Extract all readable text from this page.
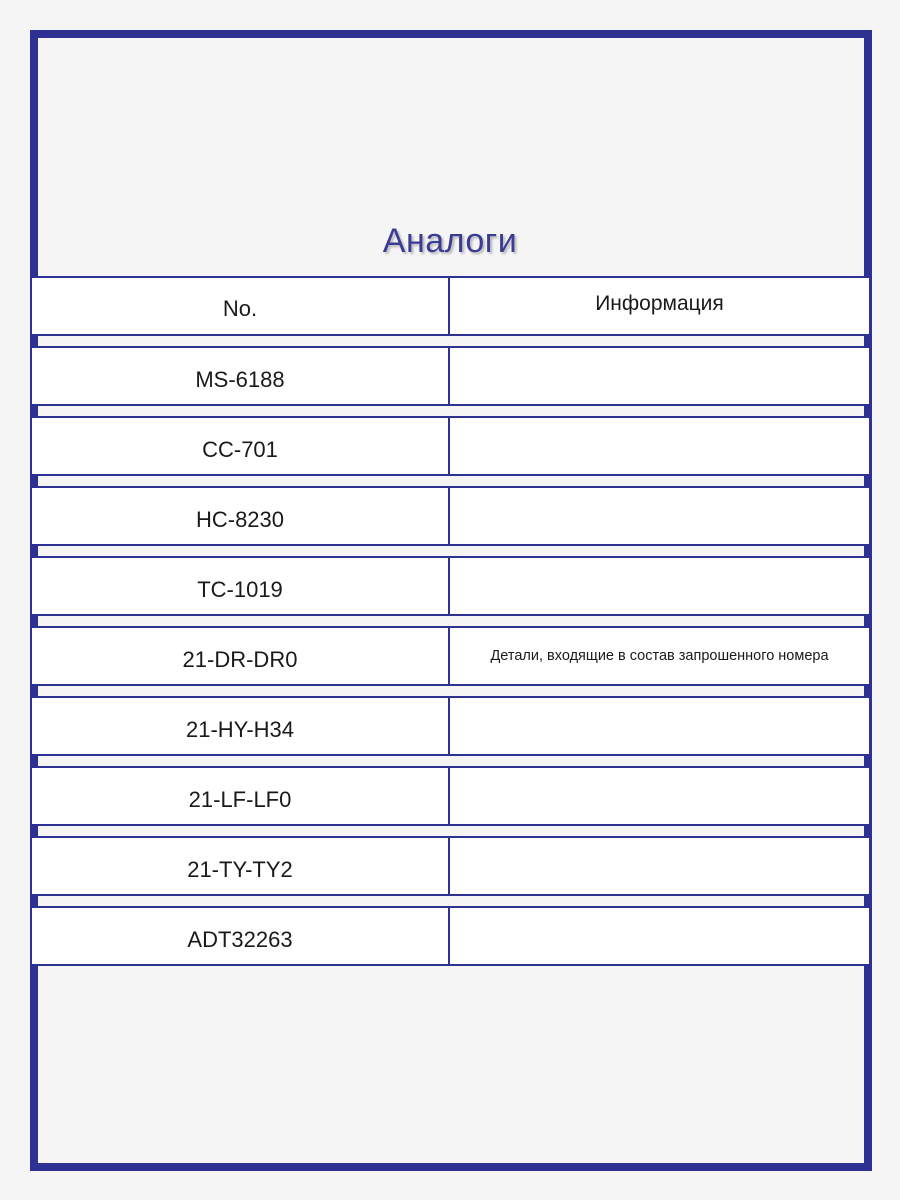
Аналоги
No.	Информация
MS-6188
CC-701
HC-8230
TC-1019
21-DR-DR0	Детали, входящие в состав запрошенного номера
21-HY-H34
21-LF-LF0
21-TY-TY2
ADT32263
